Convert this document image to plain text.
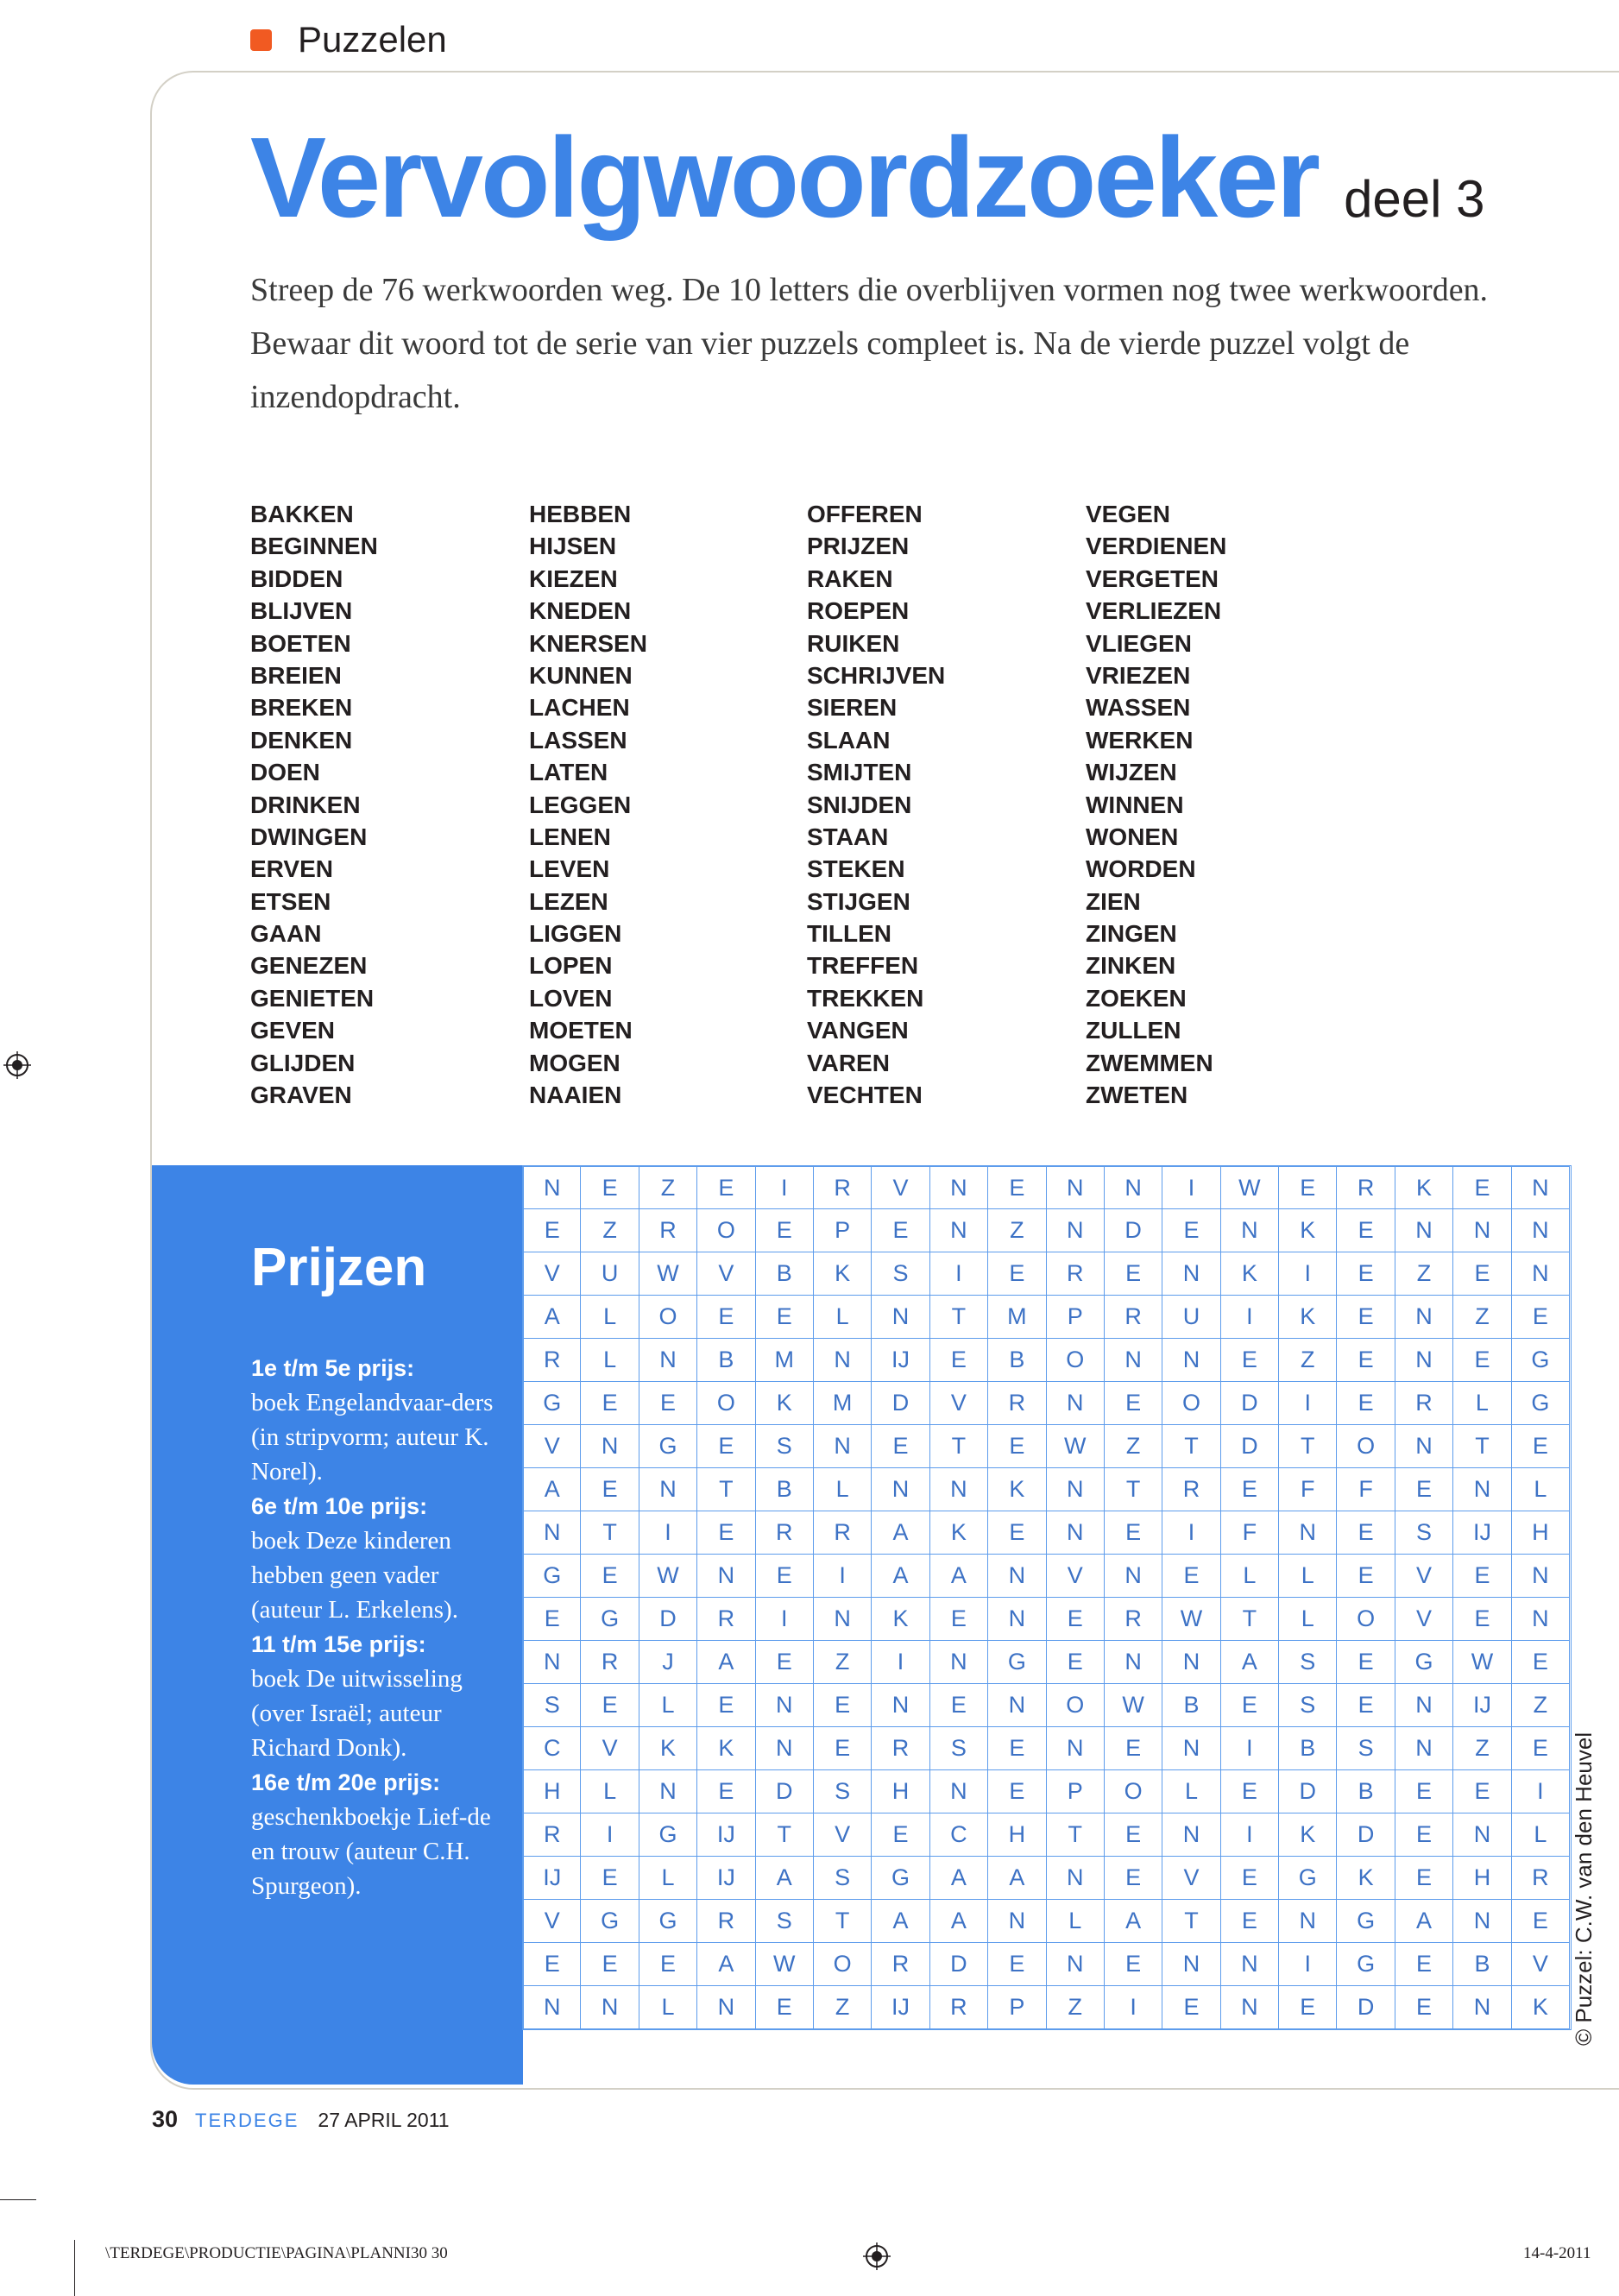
Puzzelen
Vervolgwoordzoeker deel 3

Streep de 76 werkwoorden weg. De 10 letters die overblijven vormen nog twee werkwoorden. Bewaar dit woord tot de serie van vier puzzels compleet is. Na de vierde puzzel volgt de inzendopdracht.

BAKKEN
BEGINNEN
BIDDEN
BLIJVEN
BOETEN
BREIEN
BREKEN
DENKEN
DOEN
DRINKEN
DWINGEN
ERVEN
ETSEN
GAAN
GENEZEN
GENIETEN
GEVEN
GLIJDEN
GRAVEN
HEBBEN
HIJSEN
KIEZEN
KNEDEN
KNERSEN
KUNNEN
LACHEN
LASSEN
LATEN
LEGGEN
LENEN
LEVEN
LEZEN
LIGGEN
LOPEN
LOVEN
MOETEN
MOGEN
NAAIEN
OFFEREN
PRIJZEN
RAKEN
ROEPEN
RUIKEN
SCHRIJVEN
SIEREN
SLAAN
SMIJTEN
SNIJDEN
STAAN
STEKEN
STIJGEN
TILLEN
TREFFEN
TREKKEN
VANGEN
VAREN
VECHTEN
VEGEN
VERDIENEN
VERGETEN
VERLIEZEN
VLIEGEN
VRIEZEN
WASSEN
WERKEN
WIJZEN
WINNEN
WONEN
WORDEN
ZIEN
ZINGEN
ZINKEN
ZOEKEN
ZULLEN
ZWEMMEN
ZWETEN
Prijzen
1e t/m 5e prijs:
boek Engelandvaar-ders (in stripvorm; auteur K. Norel).
6e t/m 10e prijs:
boek Deze kinderen hebben geen vader (auteur L. Erkelens).
11 t/m 15e prijs:
boek De uitwisseling (over Israël; auteur Richard Donk).
16e t/m 20e prijs:
geschenkboekje Lief-de en trouw (auteur C.H. Spurgeon).
N	E	Z	E	I	R	V	N	E	N	N	I	W	E	R	K	E	N
E	Z	R	O	E	P	E	N	Z	N	D	E	N	K	E	N	N	N
V	U	W	V	B	K	S	I	E	R	E	N	K	I	E	Z	E	N
A	L	O	E	E	L	N	T	M	P	R	U	I	K	E	N	Z	E
R	L	N	B	M	N	IJ	E	B	O	N	N	E	Z	E	N	E	G
G	E	E	O	K	M	D	V	R	N	E	O	D	I	E	R	L	G
V	N	G	E	S	N	E	T	E	W	Z	T	D	T	O	N	T	E
A	E	N	T	B	L	N	N	K	N	T	R	E	F	F	E	N	L
N	T	I	E	R	R	A	K	E	N	E	I	F	N	E	S	IJ	H
G	E	W	N	E	I	A	A	N	V	N	E	L	L	E	V	E	N
E	G	D	R	I	N	K	E	N	E	R	W	T	L	O	V	E	N
N	R	J	A	E	Z	I	N	G	E	N	N	A	S	E	G	W	E
S	E	L	E	N	E	N	E	N	O	W	B	E	S	E	N	IJ	Z
C	V	K	K	N	E	R	S	E	N	E	N	I	B	S	N	Z	E
H	L	N	E	D	S	H	N	E	P	O	L	E	D	B	E	E	I
R	I	G	IJ	T	V	E	C	H	T	E	N	I	K	D	E	N	L
IJ	E	L	IJ	A	S	G	A	A	N	E	V	E	G	K	E	H	R
V	G	G	R	S	T	A	A	N	L	A	T	E	N	G	A	N	E
E	E	E	A	W	O	R	D	E	N	E	N	N	I	G	E	B	V
N	N	L	N	E	Z	IJ	R	P	Z	I	E	N	E	D	E	N	K	© Puzzel: C.W. van den Heuvel
30 TERDEGE 27 APRIL 2011
\TERDEGE\PRODUCTIE\PAGINA\PLANNI30 30	14-4-2011
